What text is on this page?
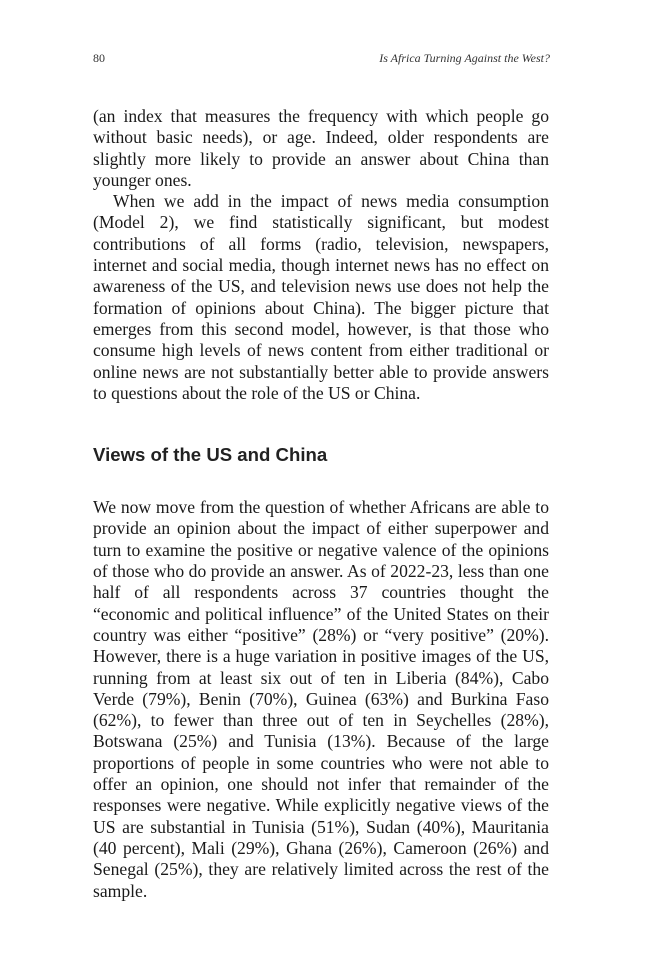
80	Is Africa Turning Against the West?

(an index that measures the frequency with which people go without basic needs), or age. Indeed, older respondents are slightly more likely to provide an answer about China than younger ones.

When we add in the impact of news media consumption (Model 2), we find statistically significant, but modest contributions of all forms (radio, television, newspapers, internet and social media, though internet news has no effect on awareness of the US, and television news use does not help the formation of opinions about China). The bigger picture that emerges from this second model, however, is that those who consume high levels of news content from either traditional or online news are not substantially better able to provide answers to questions about the role of the US or China.

Views of the US and China

We now move from the question of whether Africans are able to provide an opinion about the impact of either superpower and turn to examine the positive or negative valence of the opinions of those who do provide an answer. As of 2022-23, less than one half of all respondents across 37 countries thought the “economic and political influence” of the United States on their country was either “positive” (28%) or “very positive” (20%). However, there is a huge variation in positive images of the US, running from at least six out of ten in Liberia (84%), Cabo Verde (79%), Benin (70%), Guinea (63%) and Burkina Faso (62%), to fewer than three out of ten in Seychelles (28%), Botswana (25%) and Tunisia (13%). Because of the large proportions of people in some countries who were not able to offer an opinion, one should not infer that remainder of the responses were negative. While explicitly negative views of the US are substantial in Tunisia (51%), Sudan (40%), Mauritania (40 percent), Mali (29%), Ghana (26%), Cameroon (26%) and Senegal (25%), they are relatively limited across the rest of the sample.
